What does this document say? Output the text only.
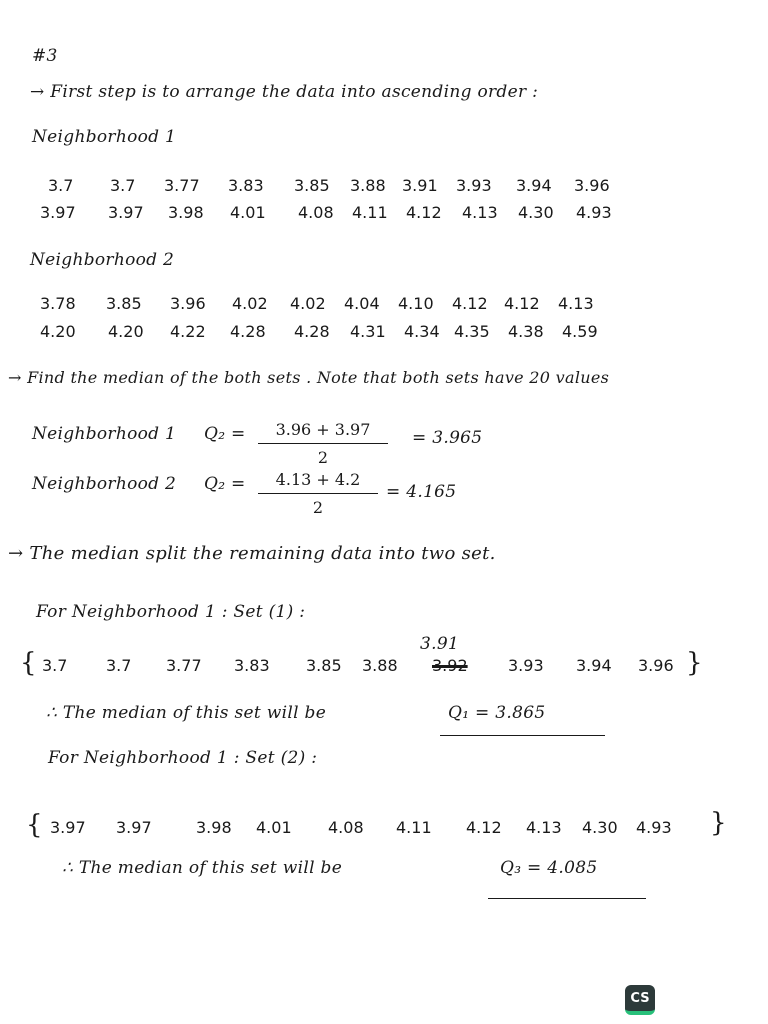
#3
→ First step is to arrange the data into ascending order :
Neighborhood 1
3.7	3.7	3.77	3.83	3.85	3.88	3.91	3.93	3.94	3.96
3.97	3.97	3.98	4.01	4.08	4.11	4.12	4.13	4.30	4.93
Neighborhood 2
3.78	3.85	3.96	4.02	4.02	4.04	4.10	4.12	4.12	4.13
4.20	4.20	4.22	4.28	4.28	4.31	4.34 4.35	4.38	4.59
→ Find the median of the both sets . Note that both sets have 20 values
Neighborhood 1 Q₂ =	3.96 + 3.97
2
= 3.965
Neighborhood 2 Q₂ =	4.13 + 4.2
2
= 4.165
→ The median split the remaining data into two set.
For Neighborhood 1 : Set (1) :
3.91
{ 3.7	3.7	3.77	3.83	3.85	3.88	3.92	3.93	3.94	3.96 }
∴ The median of this set will be	Q₁ = 3.865
For Neighborhood 1 : Set (2) :
{ 3.97	3.97	3.98	4.01	4.08	4.11	4.12	4.13	4.30	4.93	}
∴ The median of this set will be	Q₃ = 4.085
CS
